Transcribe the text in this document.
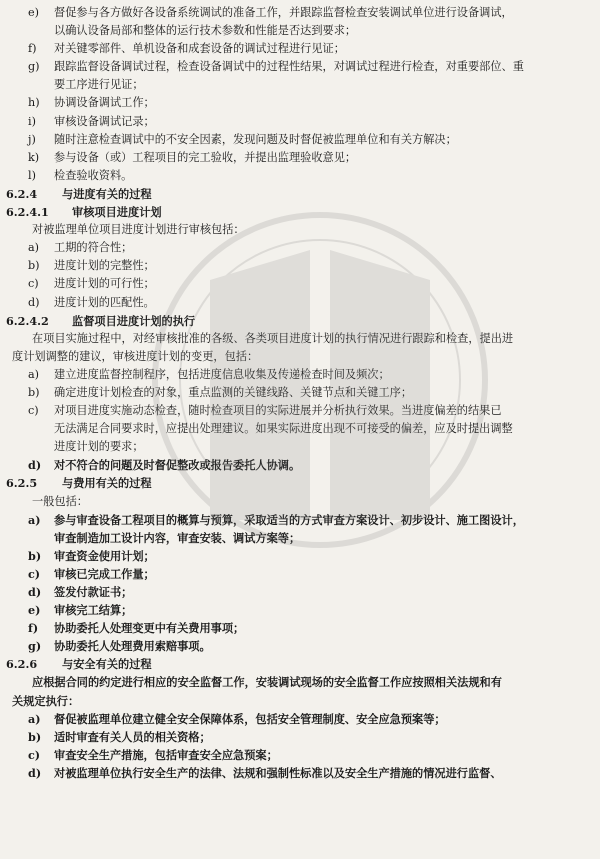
e)	督促参与各方做好各设备系统调试的准备工作，并跟踪监督检查安装调试单位进行设备调试，
以确认设备局部和整体的运行技术参数和性能是否达到要求；
f)	对关键零部件、单机设备和成套设备的调试过程进行见证；
g)	跟踪监督设备调试过程，检查设备调试中的过程性结果，对调试过程进行检查，对重要部位、重
要工序进行见证；
h)	协调设备调试工作；
i)	审核设备调试记录；
j)	随时注意检查调试中的不安全因素，发现问题及时督促被监理单位和有关方解决；
k)	参与设备（或）工程项目的完工验收，并提出监理验收意见；
l)	检查验收资料。
6.2.4 与进度有关的过程
6.2.4.1 审核项目进度计划
对被监理单位项目进度计划进行审核包括：
a)	工期的符合性；
b)	进度计划的完整性；
c)	进度计划的可行性；
d)	进度计划的匹配性。
6.2.4.2 监督项目进度计划的执行
在项目实施过程中，对经审核批准的各级、各类项目进度计划的执行情况进行跟踪和检查，提出进
度计划调整的建议，审核进度计划的变更，包括：
a)	建立进度监督控制程序，包括进度信息收集及传递检查时间及频次；
b)	确定进度计划检查的对象，重点监测的关键线路、关键节点和关键工序；
c)	对项目进度实施动态检查，随时检查项目的实际进展并分析执行效果。当进度偏差的结果已
无法满足合同要求时，应提出处理建议。如果实际进度出现不可接受的偏差，应及时提出调整
进度计划的要求；
d)	对不符合的问题及时督促整改或报告委托人协调。
6.2.5 与费用有关的过程
一般包括：
a)	参与审查设备工程项目的概算与预算，采取适当的方式审查方案设计、初步设计、施工图设计，
审查制造加工设计内容，审查安装、调试方案等；
b)	审查资金使用计划；
c)	审核已完成工作量；
d)	签发付款证书；
e)	审核完工结算；
f)	协助委托人处理变更中有关费用事项；
g)	协助委托人处理费用索赔事项。
6.2.6 与安全有关的过程
应根据合同的约定进行相应的安全监督工作，安装调试现场的安全监督工作应按照相关法规和有
关规定执行：
a)	督促被监理单位建立健全安全保障体系，包括安全管理制度、安全应急预案等；
b)	适时审查有关人员的相关资格；
c)	审查安全生产措施，包括审查安全应急预案；
d)	对被监理单位执行安全生产的法律、法规和强制性标准以及安全生产措施的情况进行监督、
